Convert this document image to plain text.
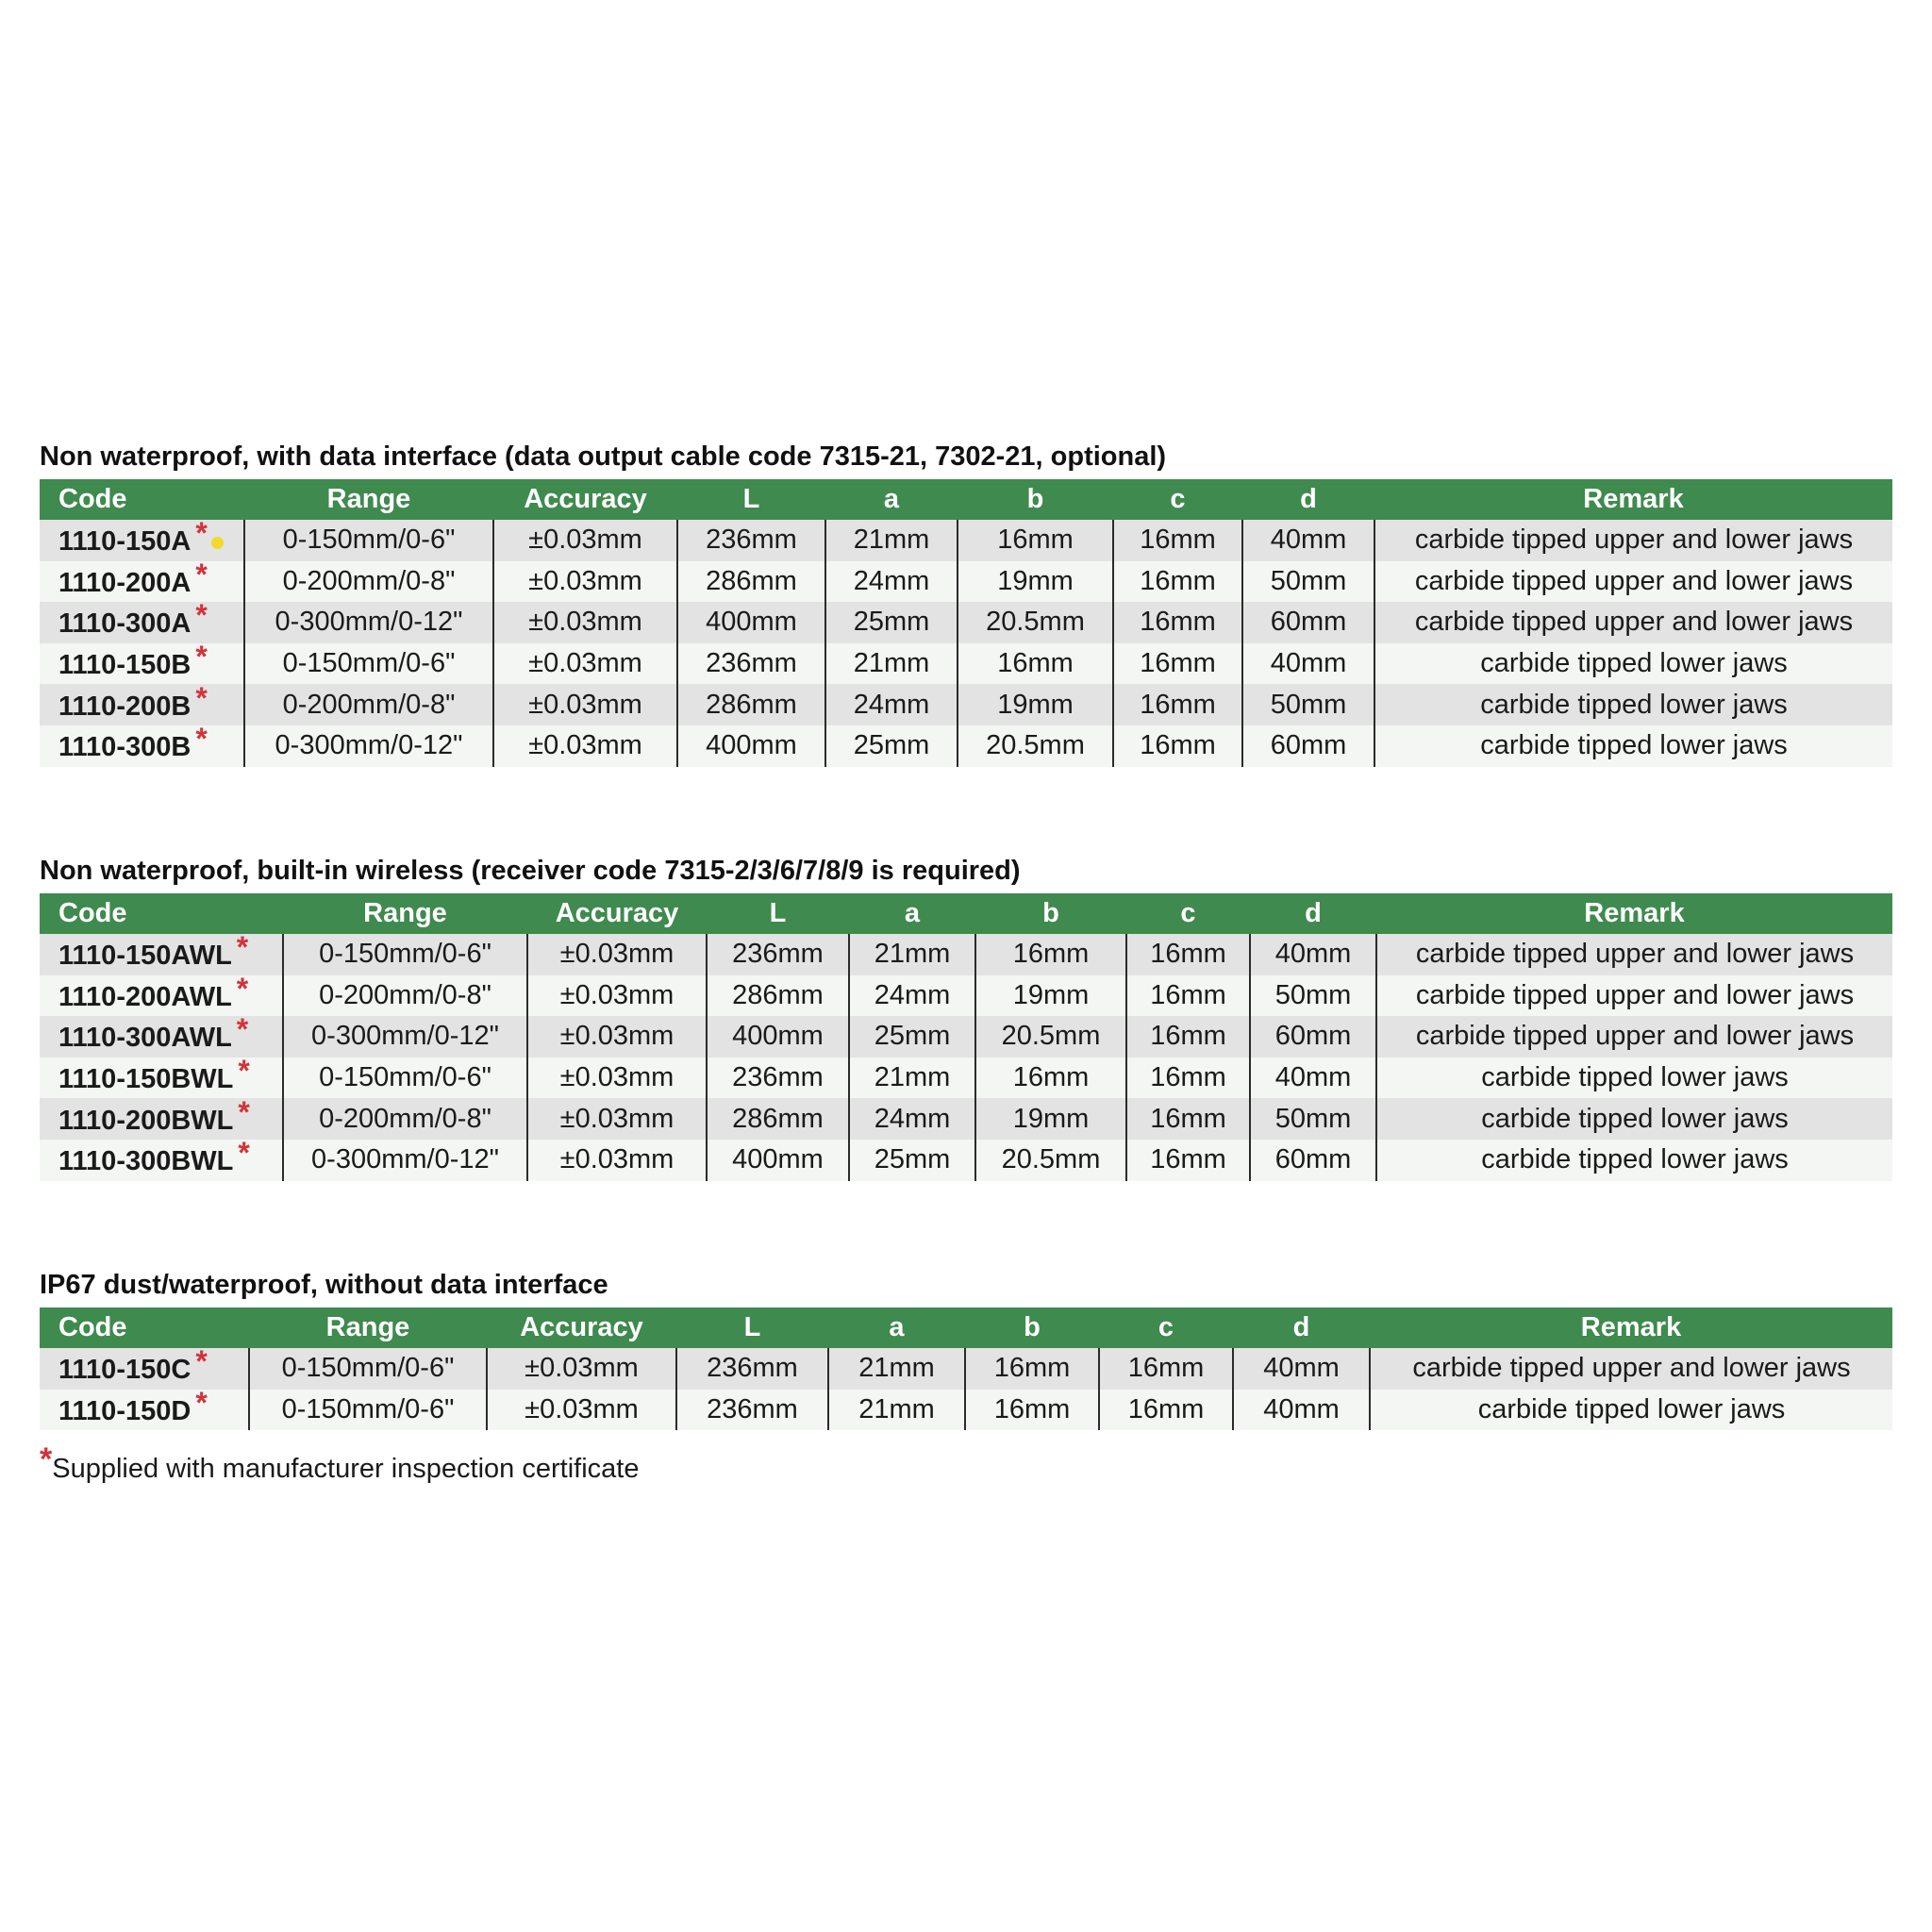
Non waterproof, with data interface (data output cable code 7315-21, 7302-21, optional)
Code	Range	Accuracy	L	a	b	c	d	Remark
1110-150A *	0-150mm/0-6"	±0.03mm	236mm	21mm	16mm	16mm	40mm	carbide tipped upper and lower jaws
1110-200A *	0-200mm/0-8"	±0.03mm	286mm	24mm	19mm	16mm	50mm	carbide tipped upper and lower jaws
1110-300A *	0-300mm/0-12"	±0.03mm	400mm	25mm	20.5mm	16mm	60mm	carbide tipped upper and lower jaws
1110-150B *	0-150mm/0-6"	±0.03mm	236mm	21mm	16mm	16mm	40mm	carbide tipped lower jaws
1110-200B *	0-200mm/0-8"	±0.03mm	286mm	24mm	19mm	16mm	50mm	carbide tipped lower jaws
1110-300B *	0-300mm/0-12"	±0.03mm	400mm	25mm	20.5mm	16mm	60mm	carbide tipped lower jaws
Non waterproof, built-in wireless (receiver code 7315-2/3/6/7/8/9 is required)
Code	Range	Accuracy	L	a	b	c	d	Remark
1110-150AWL *	0-150mm/0-6"	±0.03mm	236mm	21mm	16mm	16mm	40mm	carbide tipped upper and lower jaws
1110-200AWL *	0-200mm/0-8"	±0.03mm	286mm	24mm	19mm	16mm	50mm	carbide tipped upper and lower jaws
1110-300AWL *	0-300mm/0-12"	±0.03mm	400mm	25mm	20.5mm	16mm	60mm	carbide tipped upper and lower jaws
1110-150BWL *	0-150mm/0-6"	±0.03mm	236mm	21mm	16mm	16mm	40mm	carbide tipped lower jaws
1110-200BWL *	0-200mm/0-8"	±0.03mm	286mm	24mm	19mm	16mm	50mm	carbide tipped lower jaws
1110-300BWL *	0-300mm/0-12"	±0.03mm	400mm	25mm	20.5mm	16mm	60mm	carbide tipped lower jaws
IP67 dust/waterproof, without data interface
Code	Range	Accuracy	L	a	b	c	d	Remark
1110-150C *	0-150mm/0-6"	±0.03mm	236mm	21mm	16mm	16mm	40mm	carbide tipped upper and lower jaws
1110-150D *	0-150mm/0-6"	±0.03mm	236mm	21mm	16mm	16mm	40mm	carbide tipped lower jaws
*Supplied with manufacturer inspection certificate
